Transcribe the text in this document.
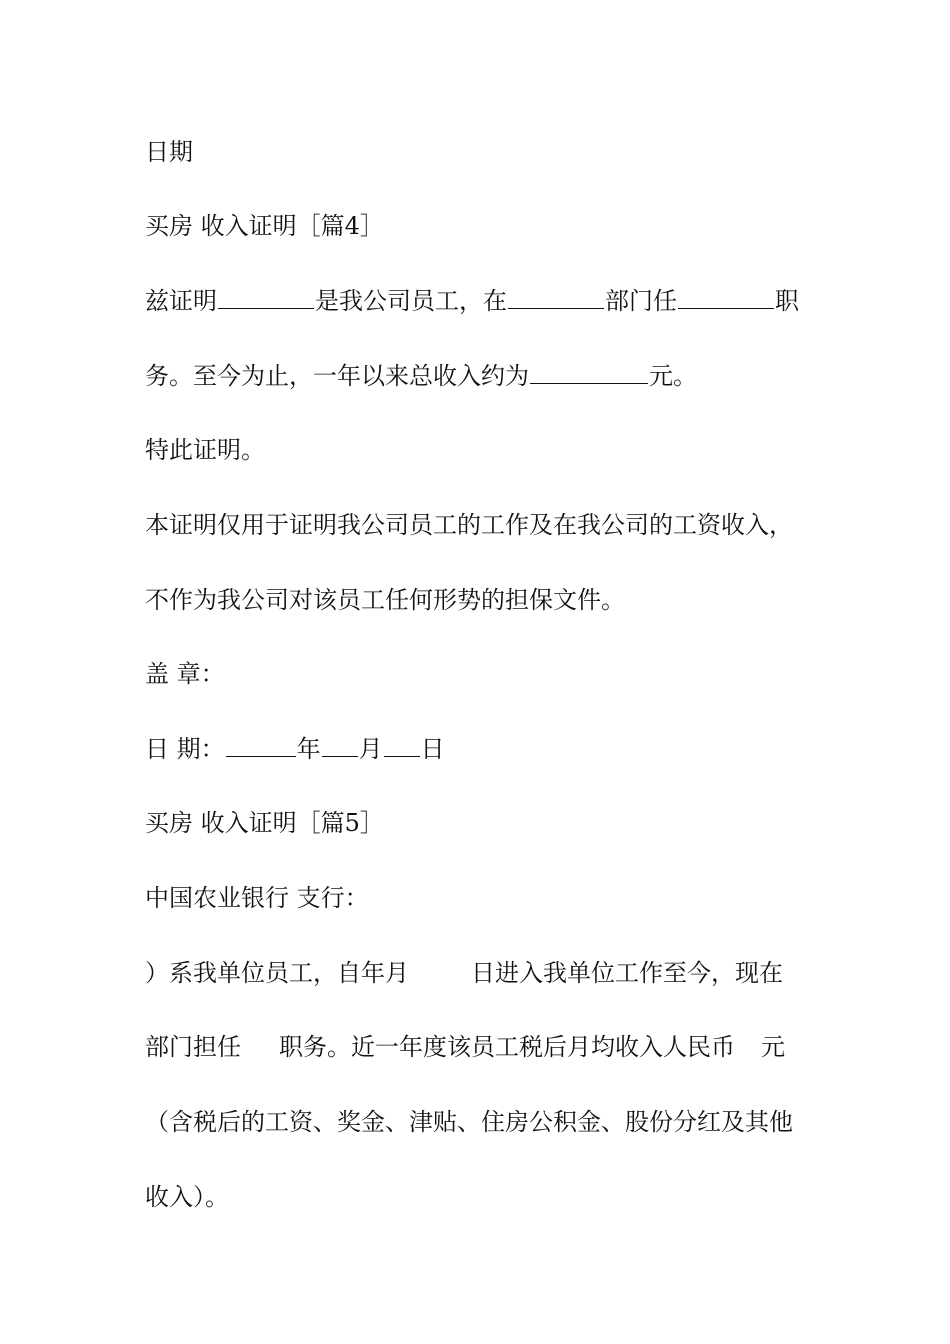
日期
买房 收入证明［篇4］
兹证明	是我公司员工，在	部门任	职
务。至今为止，一年以来总收入约为	元。
特此证明。
本证明仅用于证明我公司员工的工作及在我公司的工资收入，
不作为我公司对该员工任何形势的担保文件。
盖 章：
日 期：	年 月 日
买房 收入证明［篇5］
中国农业银行 支行：
）系我单位员工，自年月	日进入我单位工作至今，现在
部门担任 职务。近一年度该员工税后月均收入人民币 元
（含税后的工资、奖金、津贴、住房公积金、股份分红及其他
收入）。
